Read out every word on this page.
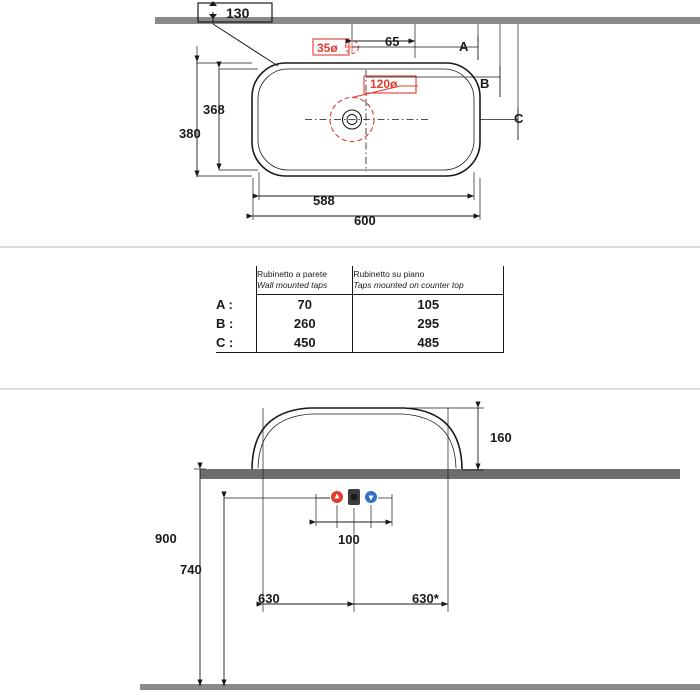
130
35ø	65
120ø
368
380
588
600
A
B
C

Rubinetto a parete
Wall mounted taps

Rubinetto su piano
Taps mounted on counter top

A :	70	105
B :	260	295
C :	450	485
160
100
900
740
630	630*
